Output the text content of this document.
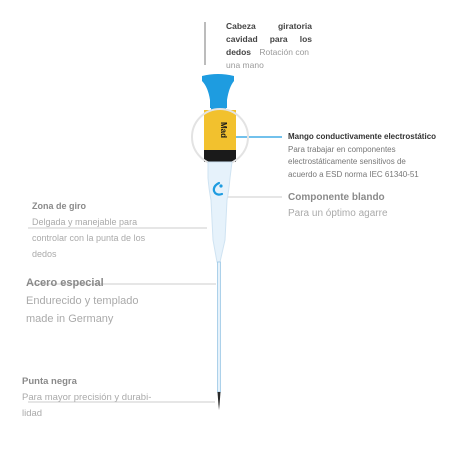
Mad
Cabeza giratoria
cavidad para los
dedos Rotación con
una mano
Mango conductivamente electrostático
Para trabajar en componentes
electrostáticamente sensitivos de
acuerdo a ESD norma IEC 61340-51
Componente blando
Para un óptimo agarre
Zona de giro
Delgada y manejable para
controlar con la punta de los
dedos
Acero especial
Endurecido y templado
made in Germany
Punta negra
Para mayor precisión y durabi-
lidad
